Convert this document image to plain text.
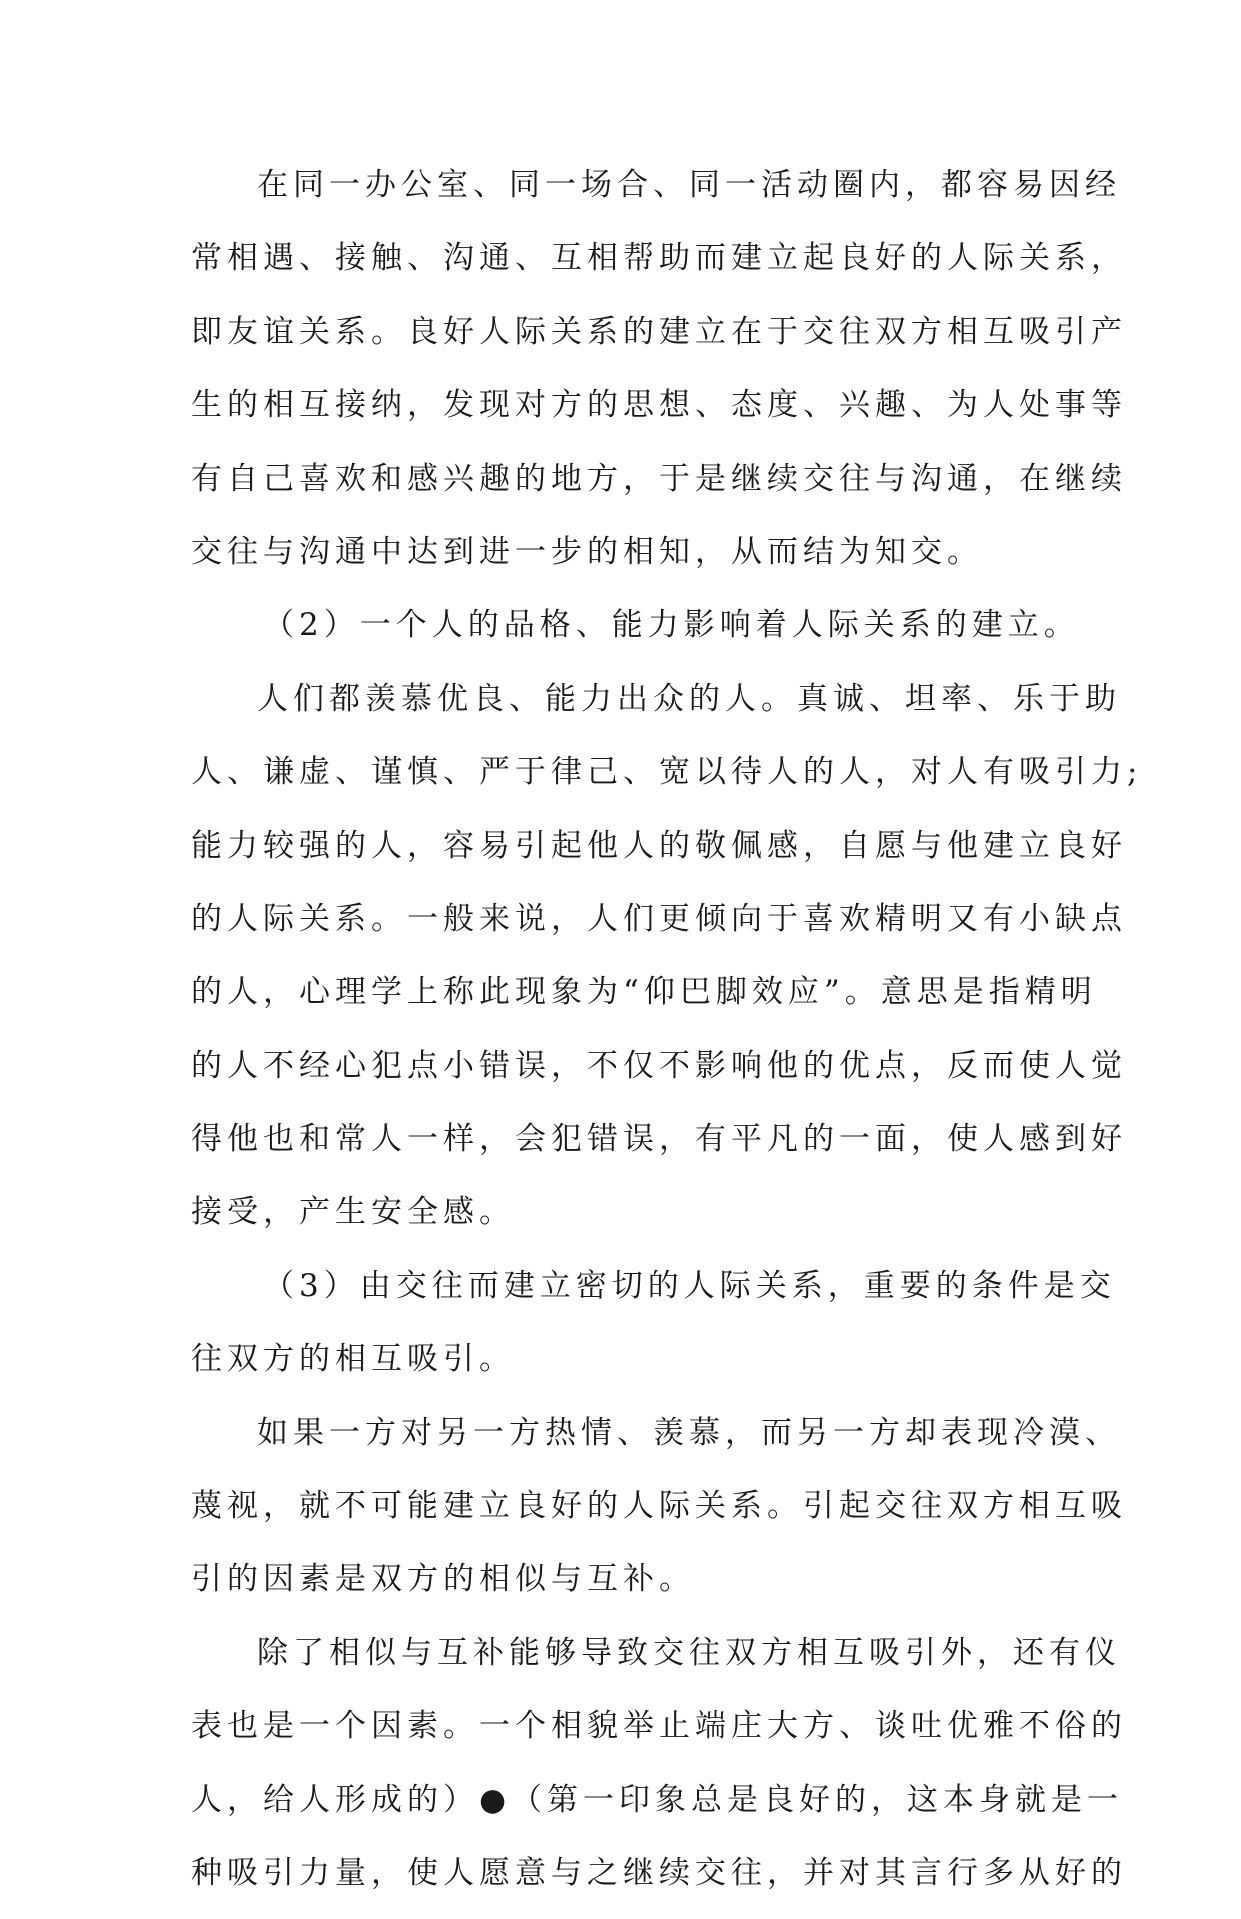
在同一办公室、同一场合、同一活动圈内，都容易因经
常相遇、接触、沟通、互相帮助而建立起良好的人际关系，
即友谊关系。良好人际关系的建立在于交往双方相互吸引产
生的相互接纳，发现对方的思想、态度、兴趣、为人处事等
有自己喜欢和感兴趣的地方，于是继续交往与沟通，在继续
交往与沟通中达到进一步的相知，从而结为知交。
（2）一个人的品格、能力影响着人际关系的建立。
人们都羡慕优良、能力出众的人。真诚、坦率、乐于助
人、谦虚、谨慎、严于律己、宽以待人的人，对人有吸引力;
能力较强的人，容易引起他人的敬佩感，自愿与他建立良好
的人际关系。一般来说，人们更倾向于喜欢精明又有小缺点
的人，心理学上称此现象为“仰巴脚效应”。意思是指精明
的人不经心犯点小错误，不仅不影响他的优点，反而使人觉
得他也和常人一样，会犯错误，有平凡的一面，使人感到好
接受，产生安全感。
（3）由交往而建立密切的人际关系，重要的条件是交
往双方的相互吸引。
如果一方对另一方热情、羡慕，而另一方却表现冷漠、
蔑视，就不可能建立良好的人际关系。引起交往双方相互吸
引的因素是双方的相似与互补。
除了相似与互补能够导致交往双方相互吸引外，还有仪
表也是一个因素。一个相貌举止端庄大方、谈吐优雅不俗的
人，给人形成的）●（第一印象总是良好的，这本身就是一
种吸引力量，使人愿意与之继续交往，并对其言行多从好的
